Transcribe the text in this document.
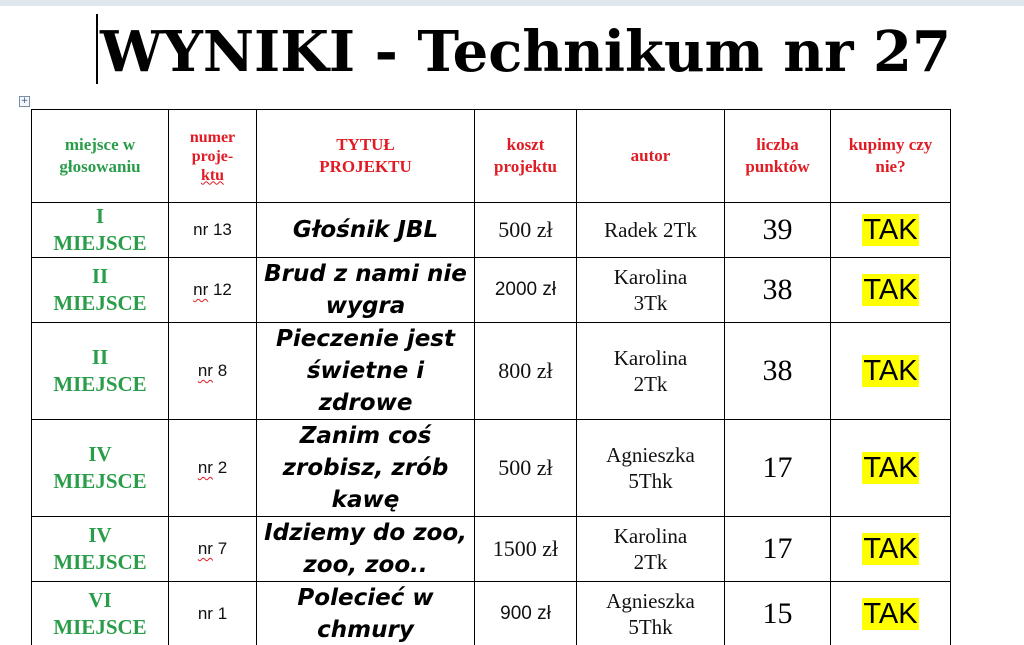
WYNIKI - Technikum nr 27
+
miejsce w głosowaniu	numer
proje-
ktu	TYTUŁ PROJEKTU	koszt projektu	autor	liczba punktów	kupimy czy nie?

I
MIEJSCE	nr 13	Głośnik JBL	500 zł	Radek 2Tk	39	TAK

II
MIEJSCE	nr 12	Brud z nami nie wygra	2000 zł	Karolina 3Tk	38	TAK

II
MIEJSCE	nr 8	Pieczenie jest świetne i zdrowe	800 zł	Karolina 2Tk	38	TAK

IV
MIEJSCE	nr 2	Zanim coś zrobisz, zrób kawę	500 zł	Agnieszka 5Thk	17	TAK

IV
MIEJSCE	nr 7	Idziemy do zoo, zoo, zoo..	1500 zł	Karolina 2Tk	17	TAK

VI
MIEJSCE	nr 1	Polecieć w chmury	900 zł	Agnieszka 5Thk	15	TAK
